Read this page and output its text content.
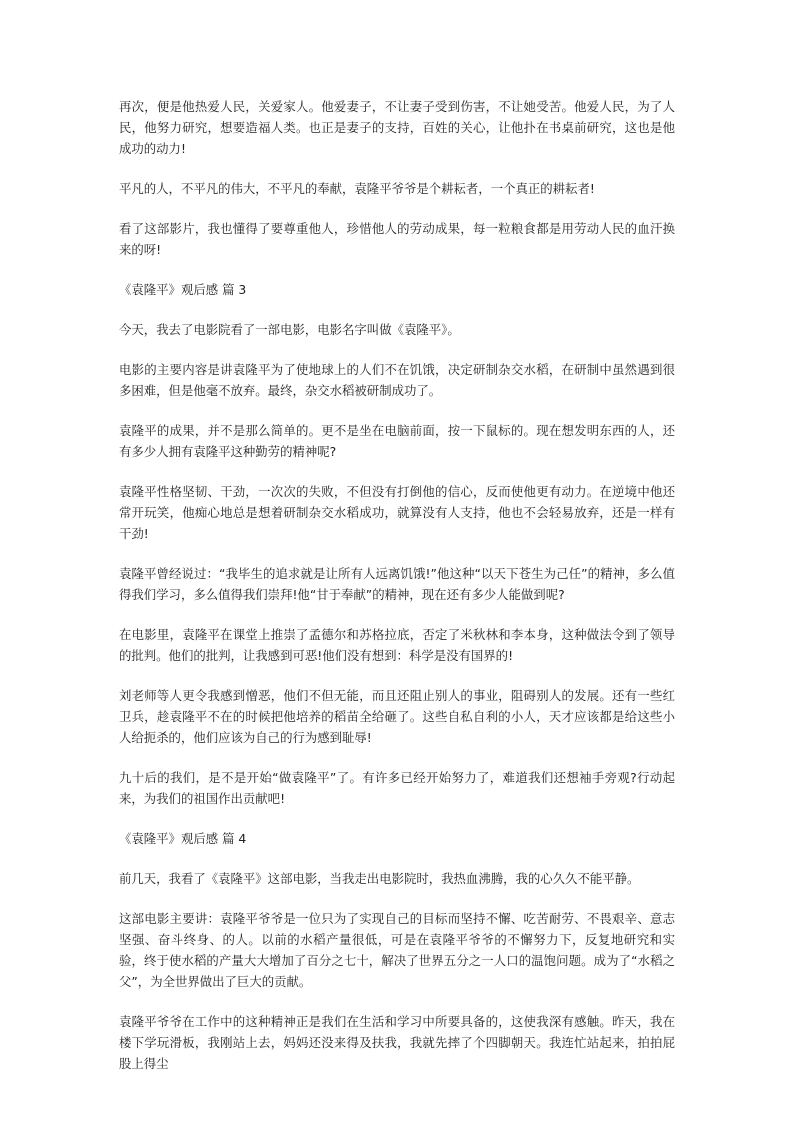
再次，便是他热爱人民，关爱家人。他爱妻子，不让妻子受到伤害，不让她受苦。他爱人民，为了人民，他努力研究，想要造福人类。也正是妻子的支持，百姓的关心，让他扑在书桌前研究，这也是他成功的动力!

平凡的人，不平凡的伟大，不平凡的奉献，袁隆平爷爷是个耕耘者，一个真正的耕耘者!

看了这部影片，我也懂得了要尊重他人，珍惜他人的劳动成果，每一粒粮食都是用劳动人民的血汗换来的呀!

《袁隆平》观后感 篇 3

今天，我去了电影院看了一部电影，电影名字叫做《袁隆平》。

电影的主要内容是讲袁隆平为了使地球上的人们不在饥饿，决定研制杂交水稻，在研制中虽然遇到很多困难，但是他毫不放弃。最终，杂交水稻被研制成功了。

袁隆平的成果，并不是那么简单的。更不是坐在电脑前面，按一下鼠标的。现在想发明东西的人，还有多少人拥有袁隆平这种勤劳的精神呢?

袁隆平性格坚韧、干劲，一次次的失败，不但没有打倒他的信心，反而使他更有动力。在逆境中他还常开玩笑，他痴心地总是想着研制杂交水稻成功，就算没有人支持，他也不会轻易放弃，还是一样有干劲!

袁隆平曾经说过：“我毕生的追求就是让所有人远离饥饿!”他这种“以天下苍生为己任”的精神，多么值得我们学习，多么值得我们崇拜!他“甘于奉献”的精神，现在还有多少人能做到呢?

在电影里，袁隆平在课堂上推崇了孟德尔和苏格拉底，否定了米秋林和李本身，这种做法令到了领导的批判。他们的批判，让我感到可恶!他们没有想到：科学是没有国界的!

刘老师等人更令我感到憎恶，他们不但无能，而且还阻止别人的事业，阻碍别人的发展。还有一些红卫兵，趁袁隆平不在的时候把他培养的稻苗全给砸了。这些自私自利的小人，天才应该都是给这些小人给扼杀的，他们应该为自己的行为感到耻辱!

九十后的我们，是不是开始“做袁隆平”了。有许多已经开始努力了，难道我们还想袖手旁观?行动起来，为我们的祖国作出贡献吧!

《袁隆平》观后感 篇 4

前几天，我看了《袁隆平》这部电影，当我走出电影院时，我热血沸腾，我的心久久不能平静。

这部电影主要讲：袁隆平爷爷是一位只为了实现自己的目标而坚持不懈、吃苦耐劳、不畏艰辛、意志坚强、奋斗终身、的人。以前的水稻产量很低，可是在袁隆平爷爷的不懈努力下，反复地研究和实验，终于使水稻的产量大大增加了百分之七十，解决了世界五分之一人口的温饱问题。成为了“水稻之父”，为全世界做出了巨大的贡献。

袁隆平爷爷在工作中的这种精神正是我们在生活和学习中所要具备的，这使我深有感触。昨天，我在楼下学玩滑板，我刚站上去，妈妈还没来得及扶我，我就先摔了个四脚朝天。我连忙站起来，拍拍屁股上得尘
